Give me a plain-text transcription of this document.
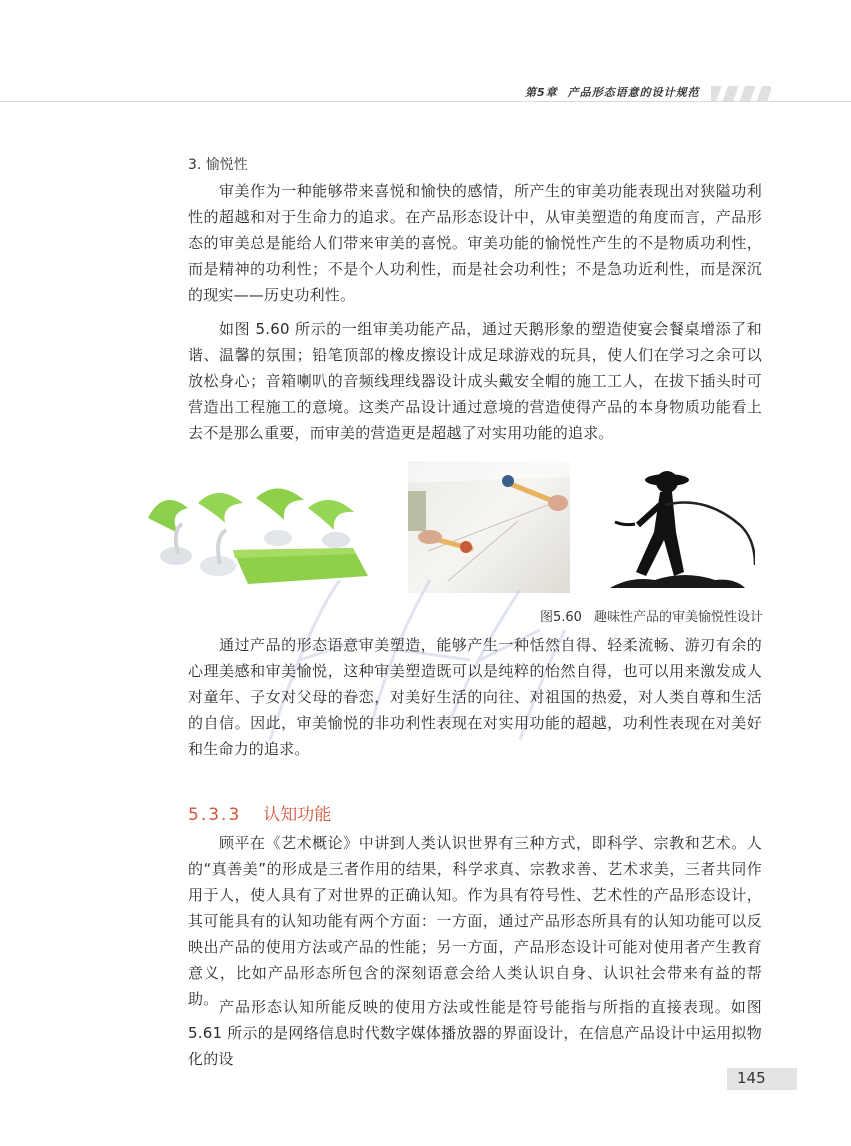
第5章 产品形态语意的设计规范
3. 愉悦性
审美作为一种能够带来喜悦和愉快的感情，所产生的审美功能表现出对狭隘功利性的超越和对于生命力的追求。在产品形态设计中，从审美塑造的角度而言，产品形态的审美总是能给人们带来审美的喜悦。审美功能的愉悦性产生的不是物质功利性，而是精神的功利性；不是个人功利性，而是社会功利性；不是急功近利性，而是深沉的现实——历史功利性。
如图 5.60 所示的一组审美功能产品，通过天鹅形象的塑造使宴会餐桌增添了和谐、温馨的氛围；铅笔顶部的橡皮擦设计成足球游戏的玩具，使人们在学习之余可以放松身心；音箱喇叭的音频线理线器设计成头戴安全帽的施工工人，在拔下插头时可营造出工程施工的意境。这类产品设计通过意境的营造使得产品的本身物质功能看上去不是那么重要，而审美的营造更是超越了对实用功能的追求。
图5.60 趣味性产品的审美愉悦性设计
通过产品的形态语意审美塑造，能够产生一种恬然自得、轻柔流畅、游刃有余的心理美感和审美愉悦，这种审美塑造既可以是纯粹的怡然自得，也可以用来激发成人对童年、子女对父母的眷恋，对美好生活的向往、对祖国的热爱，对人类自尊和生活的自信。因此，审美愉悦的非功利性表现在对实用功能的超越，功利性表现在对美好和生命力的追求。
5.3.3 认知功能
顾平在《艺术概论》中讲到人类认识世界有三种方式，即科学、宗教和艺术。人的“真善美”的形成是三者作用的结果，科学求真、宗教求善、艺术求美，三者共同作用于人，使人具有了对世界的正确认知。作为具有符号性、艺术性的产品形态设计，其可能具有的认知功能有两个方面：一方面，通过产品形态所具有的认知功能可以反映出产品的使用方法或产品的性能；另一方面，产品形态设计可能对使用者产生教育意义，比如产品形态所包含的深刻语意会给人类认识自身、认识社会带来有益的帮助。 产品形态认知所能反映的使用方法或性能是符号能指与所指的直接表现。如图 5.61 所示的是网络信息时代数字媒体播放器的界面设计，在信息产品设计中运用拟物化的设
145
